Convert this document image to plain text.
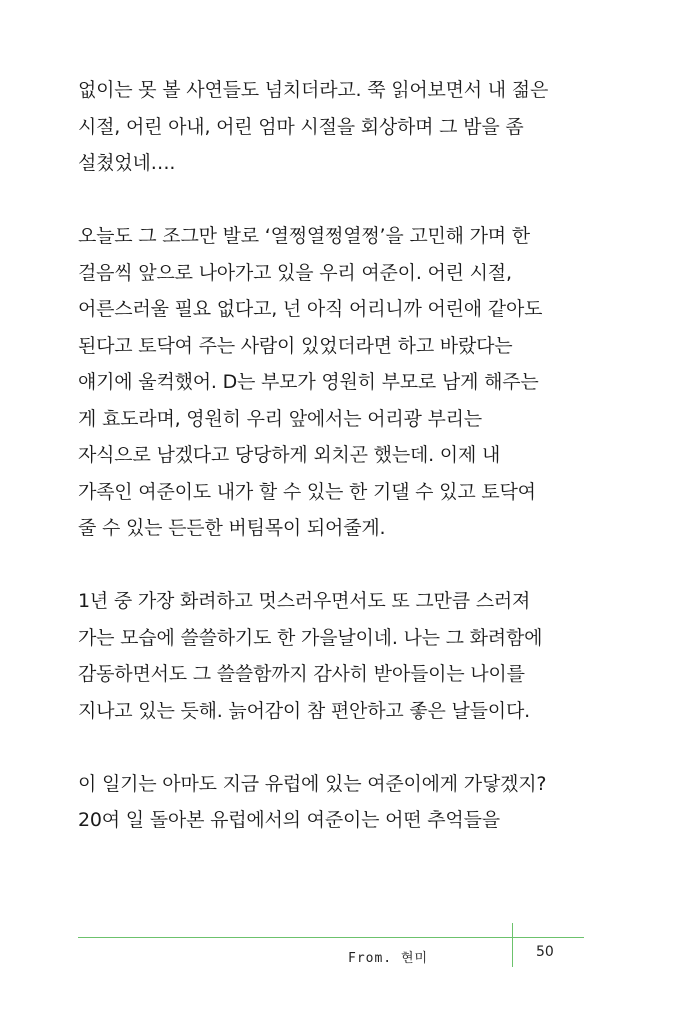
없이는 못 볼 사연들도 넘치더라고. 쭉 읽어보면서 내 젊은
시절, 어린 아내, 어린 엄마 시절을 회상하며 그 밤을 좀
설쳤었네….
오늘도 그 조그만 발로 ‘열쩡열쩡열쩡’을 고민해 가며 한
걸음씩 앞으로 나아가고 있을 우리 여준이. 어린 시절,
어른스러울 필요 없다고, 넌 아직 어리니까 어린애 같아도
된다고 토닥여 주는 사람이 있었더라면 하고 바랐다는
얘기에 울컥했어. D는 부모가 영원히 부모로 남게 해주는
게 효도라며, 영원히 우리 앞에서는 어리광 부리는
자식으로 남겠다고 당당하게 외치곤 했는데. 이제 내
가족인 여준이도 내가 할 수 있는 한 기댈 수 있고 토닥여
줄 수 있는 든든한 버팀목이 되어줄게.
1년 중 가장 화려하고 멋스러우면서도 또 그만큼 스러져
가는 모습에 쓸쓸하기도 한 가을날이네. 나는 그 화려함에
감동하면서도 그 쓸쓸함까지 감사히 받아들이는 나이를
지나고 있는 듯해. 늙어감이 참 편안하고 좋은 날들이다.
이 일기는 아마도 지금 유럽에 있는 여준이에게 가닿겠지?
20여 일 돌아본 유럽에서의 여준이는 어떤 추억들을
From. 현미	50
